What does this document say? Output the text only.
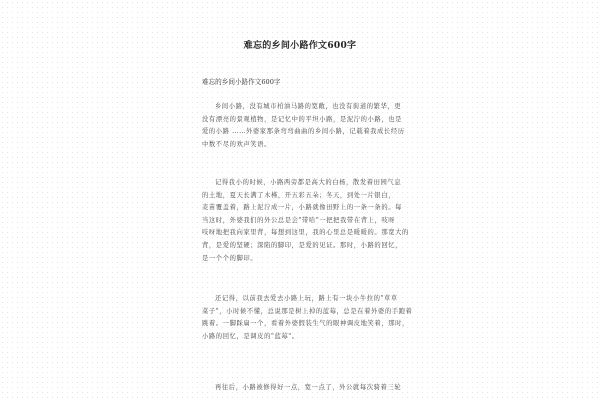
难忘的乡间小路作文600字
难忘的乡间小路作文600字
乡间小路，没有城市柏油马路的宽敞，也没有街道的繁华，更
没有漂亮的景观植物，是记忆中的平坦小路，是泥泞的小路，也是
爱的小路 ……外婆家那条弯弯曲曲的乡间小路，记载着我成长经历
中数不尽的欢声笑语。
记得我小的时候，小路两旁都是高大的白杨，散发着田园气息
的土地，夏天长满了木槿，开五彩五朵；冬天，到处一片银白，
麦苗覆盖着，路上泥泞成一片，小路就像田野上的一条一条的。每
当这时，外婆我们的外公总是会"带哈"一把把我带在背上，吱呀
吱呀地把我向家里背，每想到这里，我的心里总是暖暖的。那宽大的
背，是爱的坚硬；深陷的脚印，是爱的见证。那时，小路的回忆，
是一个个的脚印。
还记得，以前我去爱去小路上玩，路上有一块小牛拉的"草草
菜子"，小时候不懂，总说那是树上掉的蓝莓，总是在着外婆的手跑着
跳着。一脚踩扁一个，看着外婆假装生气的眼神调皮地笑着，那时，
小路的回忆，是调皮的"蓝莓"。
再往后，小路被修得好一点，宽一点了，外公就每次骑着三轮
